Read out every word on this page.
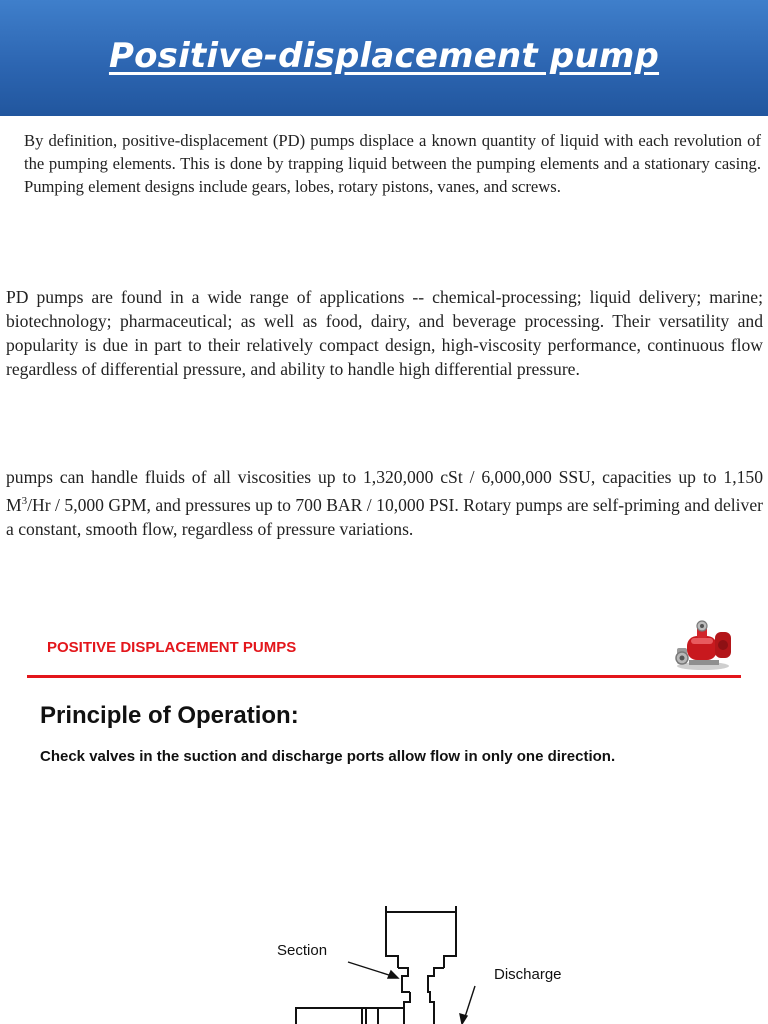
Positive-displacement pump

By definition, positive-displacement (PD) pumps displace a known quantity of liquid with each revolution of the pumping elements. This is done by trapping liquid between the pumping elements and a stationary casing. Pumping element designs include gears, lobes, rotary pistons, vanes, and screws.

PD pumps are found in a wide range of applications -- chemical-processing; liquid delivery; marine; biotechnology; pharmaceutical; as well as food, dairy, and beverage processing. Their versatility and popularity is due in part to their relatively compact design, high-viscosity performance, continuous flow regardless of differential pressure, and ability to handle high differential pressure.

pumps can handle fluids of all viscosities up to 1,320,000 cSt / 6,000,000 SSU, capacities up to 1,150 $M^3/Hr / 5,000$ GPM, and pressures up to 700 BAR / 10,000 PSI. Rotary pumps are self-priming and deliver a constant, smooth flow, regardless of pressure variations.

POSITIVE DISPLACEMENT PUMPS
Principle of Operation:
Check valves in the suction and discharge ports allow flow in only one direction.
Section
Discharge
